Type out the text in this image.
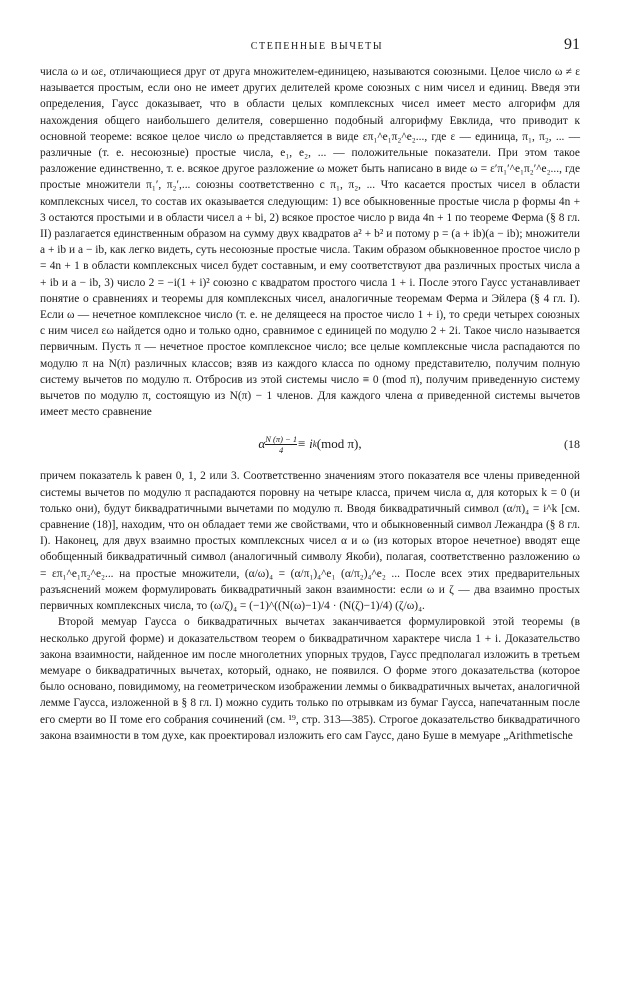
СТЕПЕННЫЕ ВЫЧЕТЫ	91

числа ω и ωε, отличающиеся друг от друга множителем-единицею, называются союзными. Целое число ω ≠ ε называется простым, если оно не имеет других делителей кроме союзных с ним чисел и единиц. Введя эти определения, Гаусс доказывает, что в области целых комплексных чисел имеет место алгорифм для нахождения общего наибольшего делителя, совершенно подобный алгорифму Евклида, что приводит к основной теореме: всякое целое число ω представляется в виде επ₁^e₁π₂^e₂..., где ε — единица, π₁, π₂, ... — различные (т. е. несоюзные) простые числа, e₁, e₂, ... — положительные показатели. При этом такое разложение единственно, т. е. всякое другое разложение ω может быть написано в виде ω = ε′π₁′^e₁π₂′^e₂..., где простые множители π₁′, π₂′,... союзны соответственно с π₁, π₂, ... Что касается простых чисел в области комплексных чисел, то состав их оказывается следующим: 1) все обыкновенные простые числа p формы 4n + 3 остаются простыми и в области чисел a + bi, 2) всякое простое число p вида 4n + 1 по теореме Ферма (§ 8 гл. II) разлагается единственным образом на сумму двух квадратов a² + b² и потому p = (a + ib)(a − ib); множители a + ib и a − ib, как легко видеть, суть несоюзные простые числа. Таким образом обыкновенное простое число p = 4n + 1 в области комплексных чисел будет составным, и ему соответствуют два различных простых числа a + ib и a − ib, 3) число 2 = −i(1 + i)² союзно с квадратом простого числа 1 + i. После этого Гаусс устанавливает понятие о сравнениях и теоремы для комплексных чисел, аналогичные теоремам Ферма и Эйлера (§ 4 гл. I). Если ω — нечетное комплексное число (т. е. не делящееся на простое число 1 + i), то среди четырех союзных с ним чисел εω найдется одно и только одно, сравнимое с единицей по модулю 2 + 2i. Такое число называется первичным. Пусть π — нечетное простое комплексное число; все целые комплексные числа распадаются по модулю π на N(π) различных классов; взяв из каждого класса по одному представителю, получим полную систему вычетов по модулю π. Отбросив из этой системы число ≡ 0 (mod π), получим приведенную систему вычетов по модулю π, состоящую из N(π) − 1 членов. Для каждого члена α приведенной системы вычетов имеет место сравнение

α $\frac{N (\pi) - 1}{4} \equiv i$ k (mod π),	(18

причем показатель k равен 0, 1, 2 или 3. Соответственно значениям этого показателя все члены приведенной системы вычетов по модулю π распадаются поровну на четыре класса, причем числа α, для которых k = 0 (и только они), будут биквадратичными вычетами по модулю π. Вводя биквадратичный символ (α/π)₄ = i^k [см. сравнение (18)], находим, что он обладает теми же свойствами, что и обыкновенный символ Лежандра (§ 8 гл. I). Наконец, для двух взаимно простых комплексных чисел α и ω (из которых второе нечетное) вводят еще обобщенный биквадратичный символ (аналогичный символу Якоби), полагая, соответственно разложению ω = επ₁^e₁π₂^e₂... на простые множители, (α/ω)₄ = (α/π₁)₄^e₁ (α/π₂)₄^e₂ ... После всех этих предварительных разъяснений можем формулировать биквадратичный закон взаимности: если ω и ζ — два взаимно простых первичных комплексных числа, то (ω/ζ)₄ = (−1)^((N(ω)−1)/4 · (N(ζ)−1)/4) (ζ/ω)₄.

Второй мемуар Гаусса о биквадратичных вычетах заканчивается формулировкой этой теоремы (в несколько другой форме) и доказательством теорем о биквадратичном характере числа 1 + i. Доказательство закона взаимности, найденное им после многолетних упорных трудов, Гаусс предполагал изложить в третьем мемуаре о биквадратичных вычетах, который, однако, не появился. О форме этого доказательства (которое было основано, повидимому, на геометрическом изображении леммы о биквадратичных вычетах, аналогичной лемме Гаусса, изложенной в § 8 гл. I) можно судить только по отрывкам из бумаг Гаусса, напечатанным после его смерти во II томе его собрания сочинений (см. ¹⁹, стр. 313—385). Строгое доказательство биквадратичного закона взаимности в том духе, как проектировал изложить его сам Гаусс, дано Буше в мемуаре „Arithmetische
